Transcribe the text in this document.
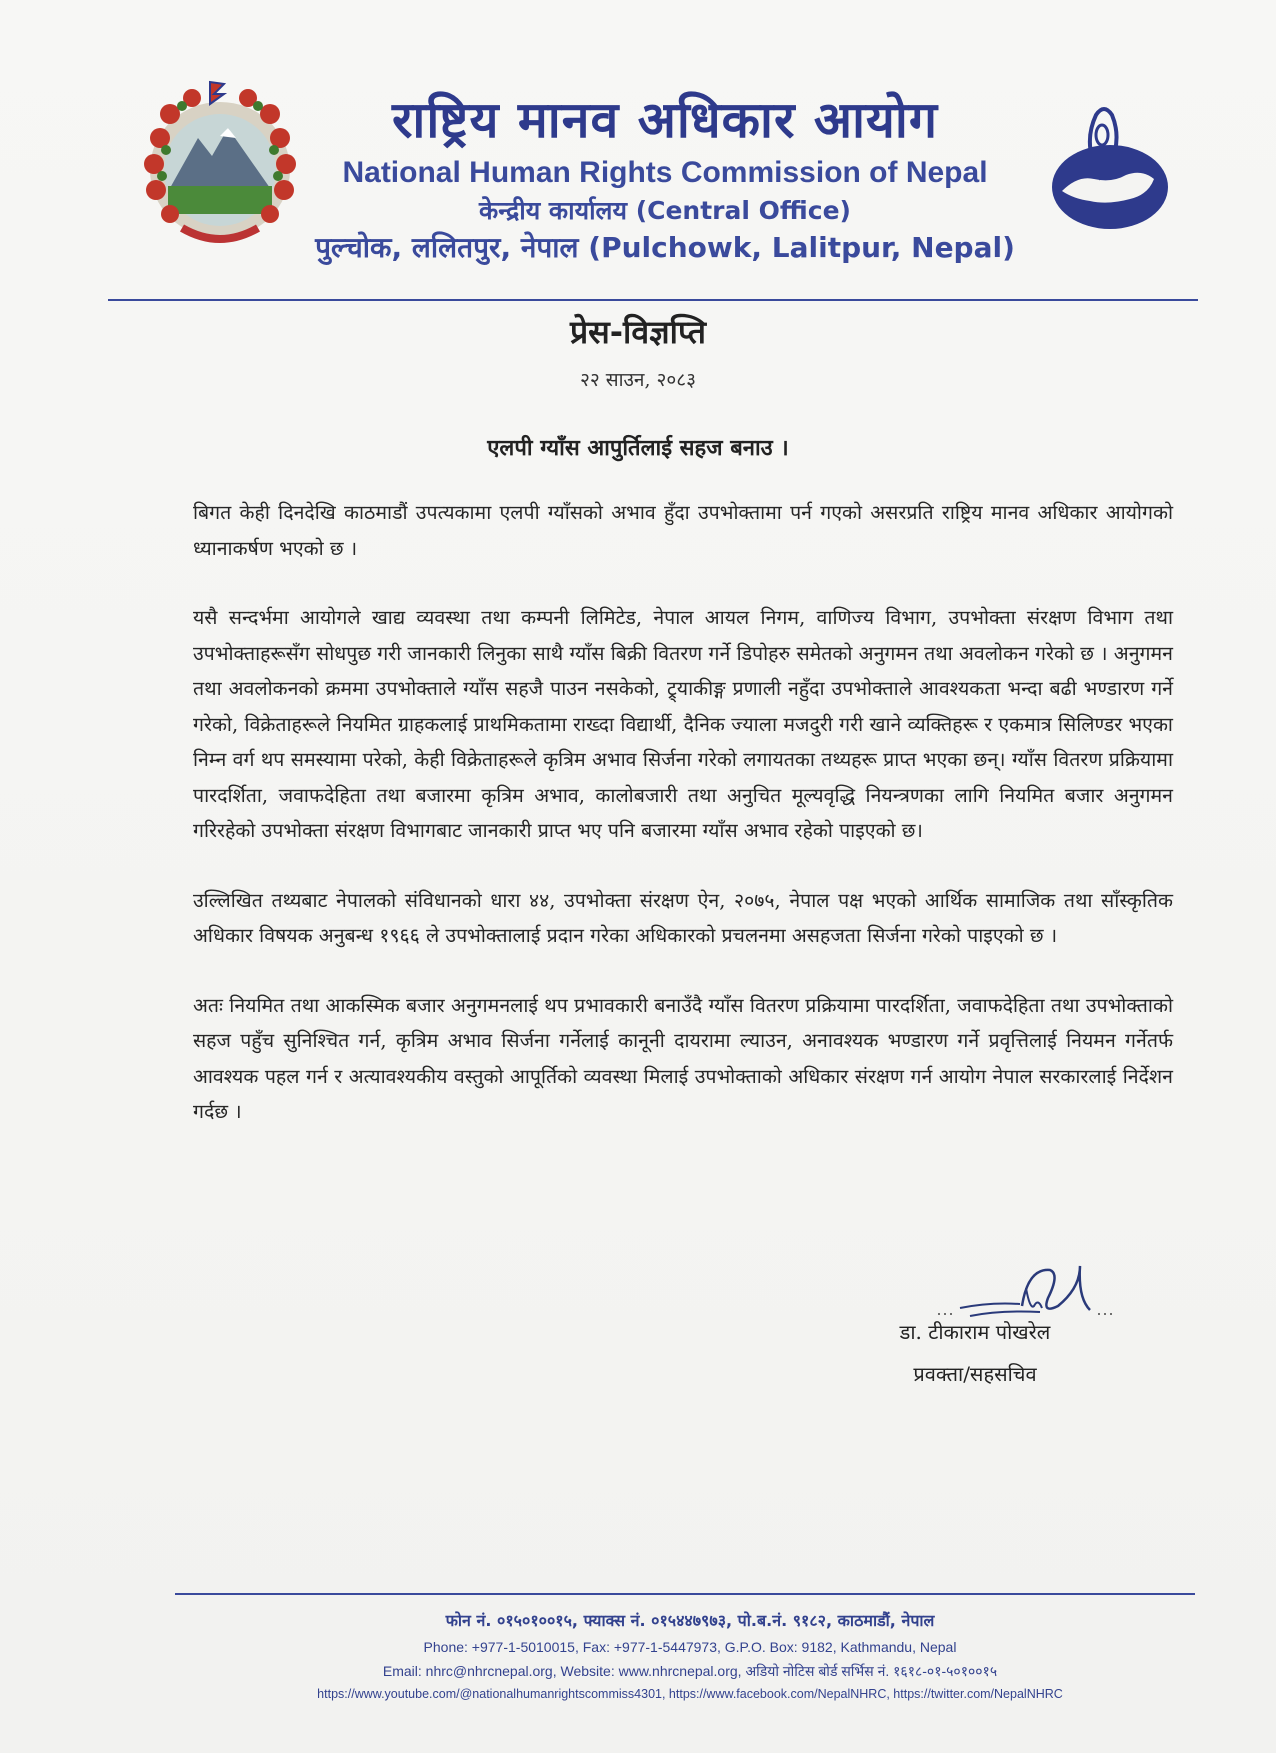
राष्ट्रिय मानव अधिकार आयोग

National Human Rights Commission of Nepal

केन्द्रीय कार्यालय (Central Office)

पुल्चोक, ललितपुर, नेपाल (Pulchowk, Lalitpur, Nepal)

प्रेस-विज्ञप्ति
२२ साउन, २०८३
एलपी ग्याँस आपुर्तिलाई सहज बनाउ ।

बिगत केही दिनदेखि काठमाडौं उपत्यकामा एलपी ग्याँसको अभाव हुँदा उपभोक्तामा पर्न गएको असरप्रति राष्ट्रिय मानव अधिकार आयोगको ध्यानाकर्षण भएको छ ।

यसै सन्दर्भमा आयोगले खाद्य व्यवस्था तथा कम्पनी लिमिटेड, नेपाल आयल निगम, वाणिज्य विभाग, उपभोक्ता संरक्षण विभाग तथा उपभोक्ताहरूसँग सोधपुछ गरी जानकारी लिनुका साथै ग्याँस बिक्री वितरण गर्ने डिपोहरु समेतको अनुगमन तथा अवलोकन गरेको छ । अनुगमन तथा अवलोकनको क्रममा उपभोक्ताले ग्याँस सहजै पाउन नसकेको, ट्र्याकीङ्ग प्रणाली नहुँदा उपभोक्ताले आवश्यकता भन्दा बढी भण्डारण गर्ने गरेको, विक्रेताहरूले नियमित ग्राहकलाई प्राथमिकतामा राख्दा विद्यार्थी, दैनिक ज्याला मजदुरी गरी खाने व्यक्तिहरू र एकमात्र सिलिण्डर भएका निम्न वर्ग थप समस्यामा परेको, केही विक्रेताहरूले कृत्रिम अभाव सिर्जना गरेको लगायतका तथ्यहरू प्राप्त भएका छन्। ग्याँस वितरण प्रक्रियामा पारदर्शिता, जवाफदेहिता तथा बजारमा कृत्रिम अभाव, कालोबजारी तथा अनुचित मूल्यवृद्धि नियन्त्रणका लागि नियमित बजार अनुगमन गरिरहेको उपभोक्ता संरक्षण विभागबाट जानकारी प्राप्त भए पनि बजारमा ग्याँस अभाव रहेको पाइएको छ।

उल्लिखित तथ्यबाट नेपालको संविधानको धारा ४४, उपभोक्ता संरक्षण ऐन, २०७५, नेपाल पक्ष भएको आर्थिक सामाजिक तथा साँस्कृतिक अधिकार विषयक अनुबन्ध १९६६ ले उपभोक्तालाई प्रदान गरेका अधिकारको प्रचलनमा असहजता सिर्जना गरेको पाइएको छ ।

अतः नियमित तथा आकस्मिक बजार अनुगमनलाई थप प्रभावकारी बनाउँदै ग्याँस वितरण प्रक्रियामा पारदर्शिता, जवाफदेहिता तथा उपभोक्ताको सहज पहुँच सुनिश्चित गर्न, कृत्रिम अभाव सिर्जना गर्नेलाई कानूनी दायरामा ल्याउन, अनावश्यक भण्डारण गर्ने प्रवृत्तिलाई नियमन गर्नेतर्फ आवश्यक पहल गर्न र अत्यावश्यकीय वस्तुको आपूर्तिको व्यवस्था मिलाई उपभोक्ताको अधिकार संरक्षण गर्न आयोग नेपाल सरकारलाई निर्देशन गर्दछ ।

डा. टीकाराम पोखरेल
प्रवक्ता/सहसचिव

फोन नं. ०१५०१००१५, फ्याक्स नं. ०१५४४७९७३, पो.ब.नं. ९१८२, काठमाडौं, नेपाल

Phone: +977-1-5010015, Fax: +977-1-5447973, G.P.O. Box: 9182, Kathmandu, Nepal

Email: nhrc@nhrcnepal.org, Website: www.nhrcnepal.org, अडियो नोटिस बोर्ड सर्भिस नं. १६१८-०१-५०१००१५

https://www.youtube.com/@nationalhumanrightscommiss4301, https://www.facebook.com/NepalNHRC, https://twitter.com/NepalNHRC
